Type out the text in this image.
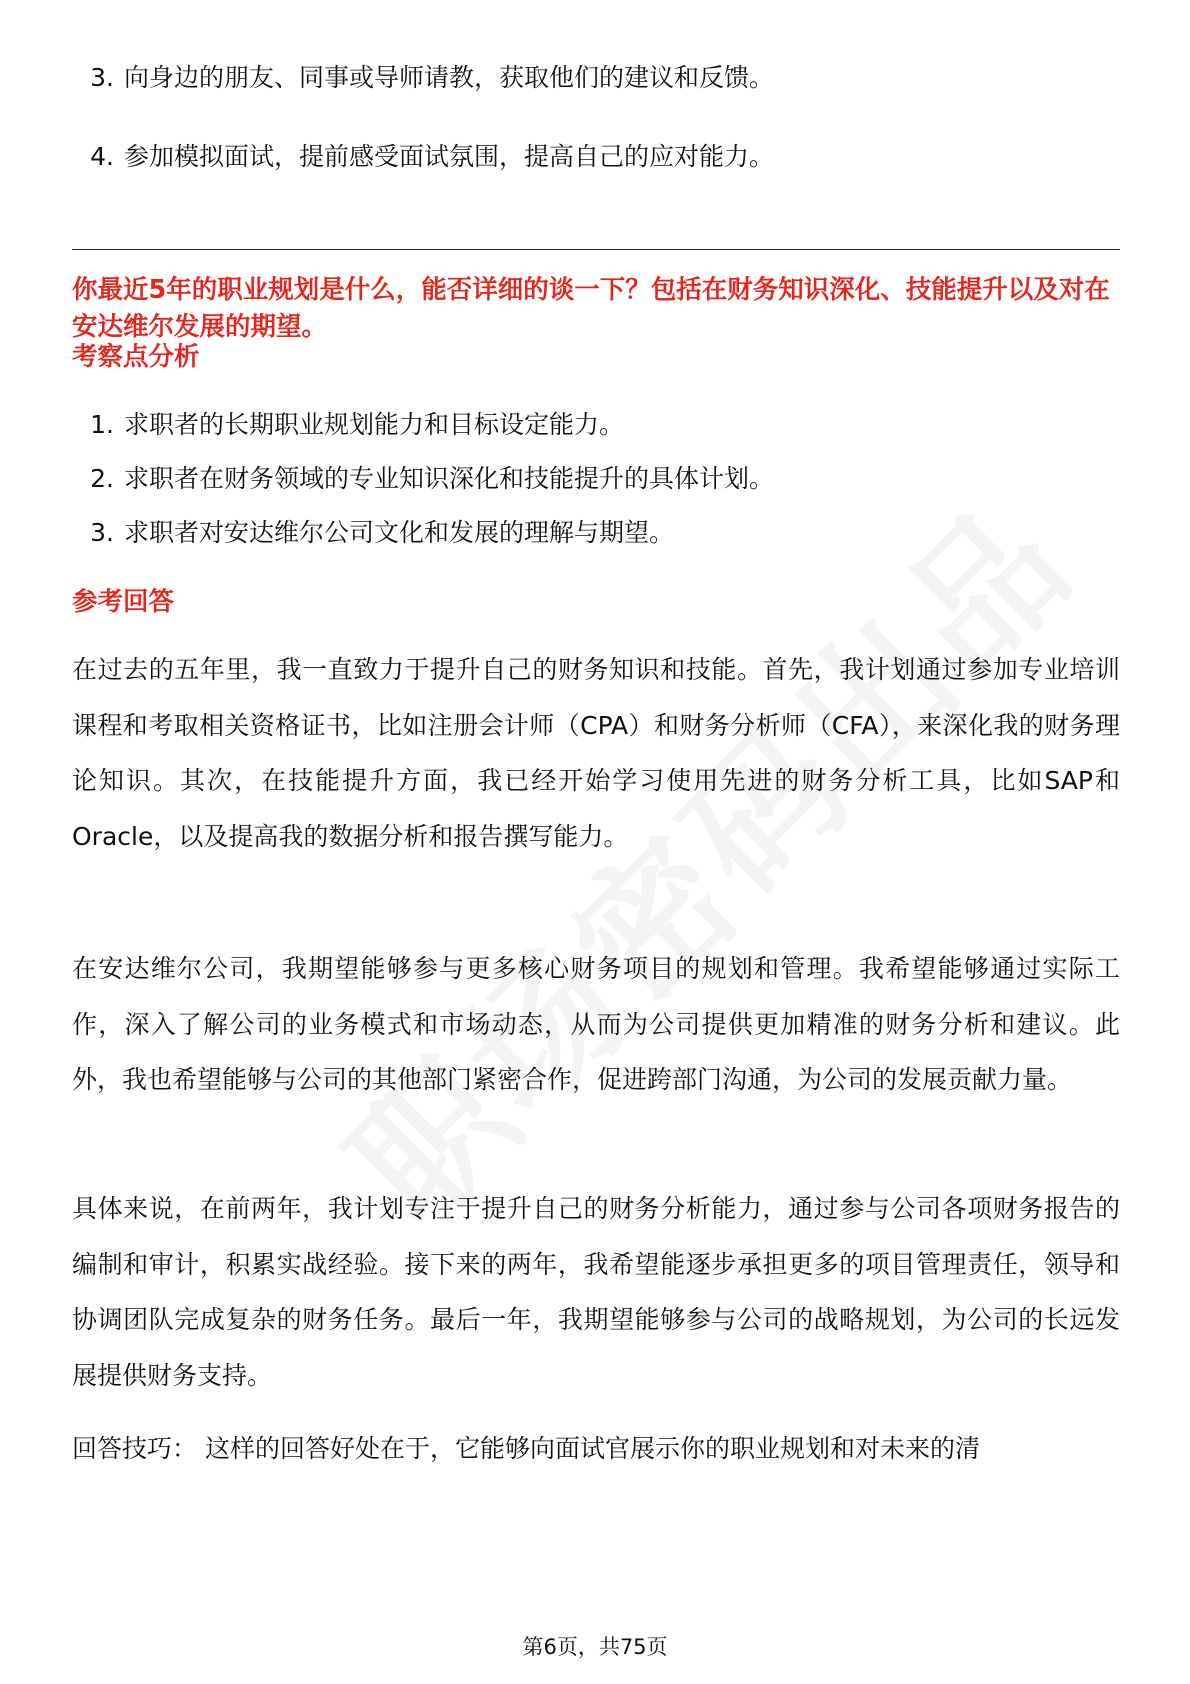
3. 向身边的朋友、同事或导师请教，获取他们的建议和反馈。
4. 参加模拟面试，提前感受面试氛围，提高自己的应对能力。
你最近5年的职业规划是什么，能否详细的谈一下？包括在财务知识深化、技能提升以及对在安达维尔发展的期望。
考察点分析
1. 求职者的长期职业规划能力和目标设定能力。
2. 求职者在财务领域的专业知识深化和技能提升的具体计划。
3. 求职者对安达维尔公司文化和发展的理解与期望。
参考回答
在过去的五年里，我一直致力于提升自己的财务知识和技能。首先，我计划通过参加专业培训课程和考取相关资格证书，比如注册会计师（CPA）和财务分析师（CFA），来深化我的财务理论知识。其次，在技能提升方面，我已经开始学习使用先进的财务分析工具，比如SAP和Oracle，以及提高我的数据分析和报告撰写能力。
在安达维尔公司，我期望能够参与更多核心财务项目的规划和管理。我希望能够通过实际工作，深入了解公司的业务模式和市场动态，从而为公司提供更加精准的财务分析和建议。此外，我也希望能够与公司的其他部门紧密合作，促进跨部门沟通，为公司的发展贡献力量。
具体来说，在前两年，我计划专注于提升自己的财务分析能力，通过参与公司各项财务报告的编制和审计，积累实战经验。接下来的两年，我希望能逐步承担更多的项目管理责任，领导和协调团队完成复杂的财务任务。最后一年，我期望能够参与公司的战略规划，为公司的长远发展提供财务支持。
回答技巧： 这样的回答好处在于，它能够向面试官展示你的职业规划和对未来的清
第6页，共75页
